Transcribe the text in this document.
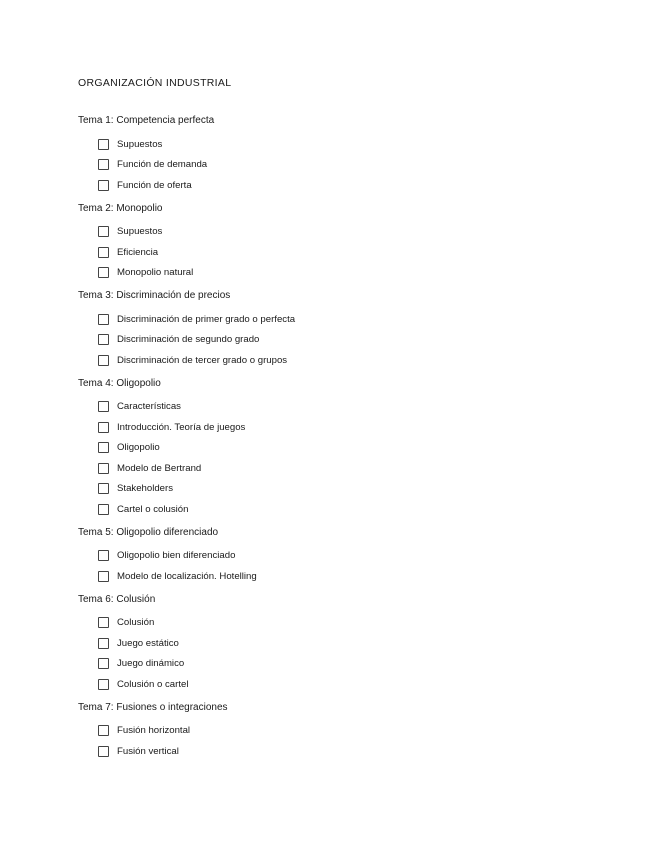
ORGANIZACIÓN INDUSTRIAL
Tema 1: Competencia perfecta
Supuestos
Función de demanda
Función de oferta
Tema 2: Monopolio
Supuestos
Eficiencia
Monopolio natural
Tema 3: Discriminación de precios
Discriminación de primer grado o perfecta
Discriminación de segundo grado
Discriminación de tercer grado o grupos
Tema 4: Oligopolio
Características
Introducción. Teoría de juegos
Oligopolio
Modelo de Bertrand
Stakeholders
Cartel o colusión
Tema 5: Oligopolio diferenciado
Oligopolio bien diferenciado
Modelo de localización. Hotelling
Tema 6: Colusión
Colusión
Juego estático
Juego dinámico
Colusión o cartel
Tema 7: Fusiones o integraciones
Fusión horizontal
Fusión vertical
